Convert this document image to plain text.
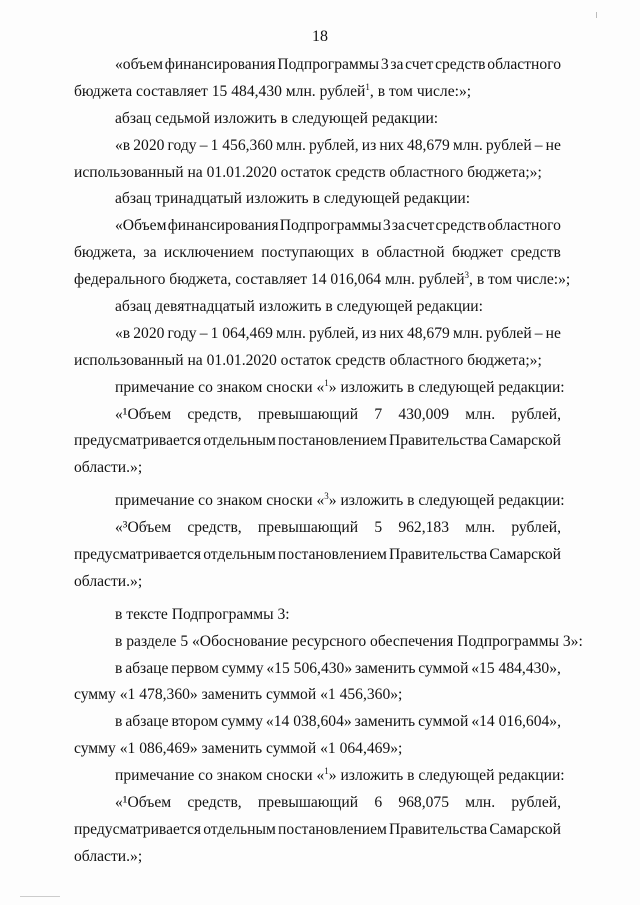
18
«объем финансирования Подпрограммы 3 за счет средств областного
бюджета составляет 15 484,430 млн. рублей$^1$, в том числе:»;
абзац седьмой изложить в следующей редакции:
«в 2020 году – 1 456,360 млн. рублей, из них 48,679 млн. рублей – не
использованный на 01.01.2020 остаток средств областного бюджета;»;
абзац тринадцатый изложить в следующей редакции:
«Объем финансирования Подпрограммы 3 за счет средств областного
бюджета, за исключением поступающих в областной бюджет средств
федерального бюджета, составляет 14 016,064 млн. рублей$^3$, в том числе:»;
абзац девятнадцатый изложить в следующей редакции:
«в 2020 году – 1 064,469 млн. рублей, из них 48,679 млн. рублей – не
использованный на 01.01.2020 остаток средств областного бюджета;»;
примечание со знаком сноски «$^1$» изложить в следующей редакции:
«¹Объем средств, превышающий 7 430,009 млн. рублей,
предусматривается отдельным постановлением Правительства Самарской
области.»;
примечание со знаком сноски «$^3$» изложить в следующей редакции:
«³Объем средств, превышающий 5 962,183 млн. рублей,
предусматривается отдельным постановлением Правительства Самарской
области.»;
в тексте Подпрограммы 3:
в разделе 5 «Обоснование ресурсного обеспечения Подпрограммы 3»:
в абзаце первом сумму «15 506,430» заменить суммой «15 484,430»,
сумму «1 478,360» заменить суммой «1 456,360»;
в абзаце втором сумму «14 038,604» заменить суммой «14 016,604»,
сумму «1 086,469» заменить суммой «1 064,469»;
примечание со знаком сноски «$^1$» изложить в следующей редакции:
«¹Объем средств, превышающий 6 968,075 млн. рублей,
предусматривается отдельным постановлением Правительства Самарской
области.»;
